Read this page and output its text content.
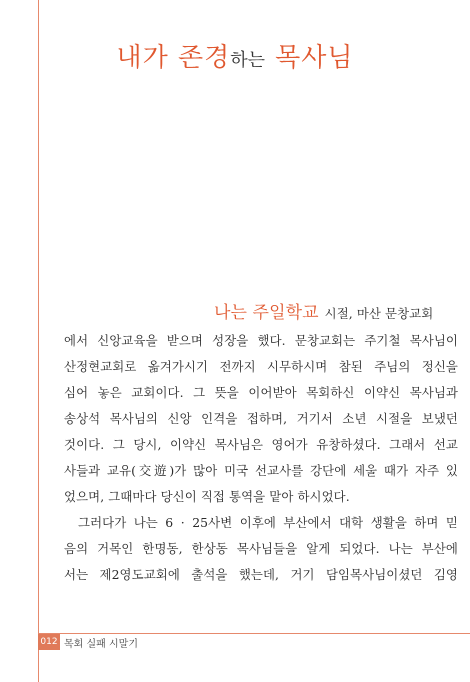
내가 존경하는 목사님
나는 주일학교 시절, 마산 문창교회
에서 신앙교육을 받으며 성장을 했다. 문창교회는 주기철 목사님이
산정현교회로 옮겨가시기 전까지 시무하시며 참된 주님의 정신을
심어 놓은 교회이다. 그 뜻을 이어받아 목회하신 이약신 목사님과
송상석 목사님의 신앙 인격을 접하며, 거기서 소년 시절을 보냈던
것이다. 그 당시, 이약신 목사님은 영어가 유창하셨다. 그래서 선교
사들과 교유(交遊)가 많아 미국 선교사를 강단에 세울 때가 자주 있
었으며, 그때마다 당신이 직접 통역을 맡아 하시었다.
그러다가 나는 6 · 25사변 이후에 부산에서 대학 생활을 하며 믿
음의 거목인 한명동, 한상동 목사님들을 알게 되었다. 나는 부산에
서는 제2영도교회에 출석을 했는데, 거기 담임목사님이셨던 김영
012 목회 실패 시말기
